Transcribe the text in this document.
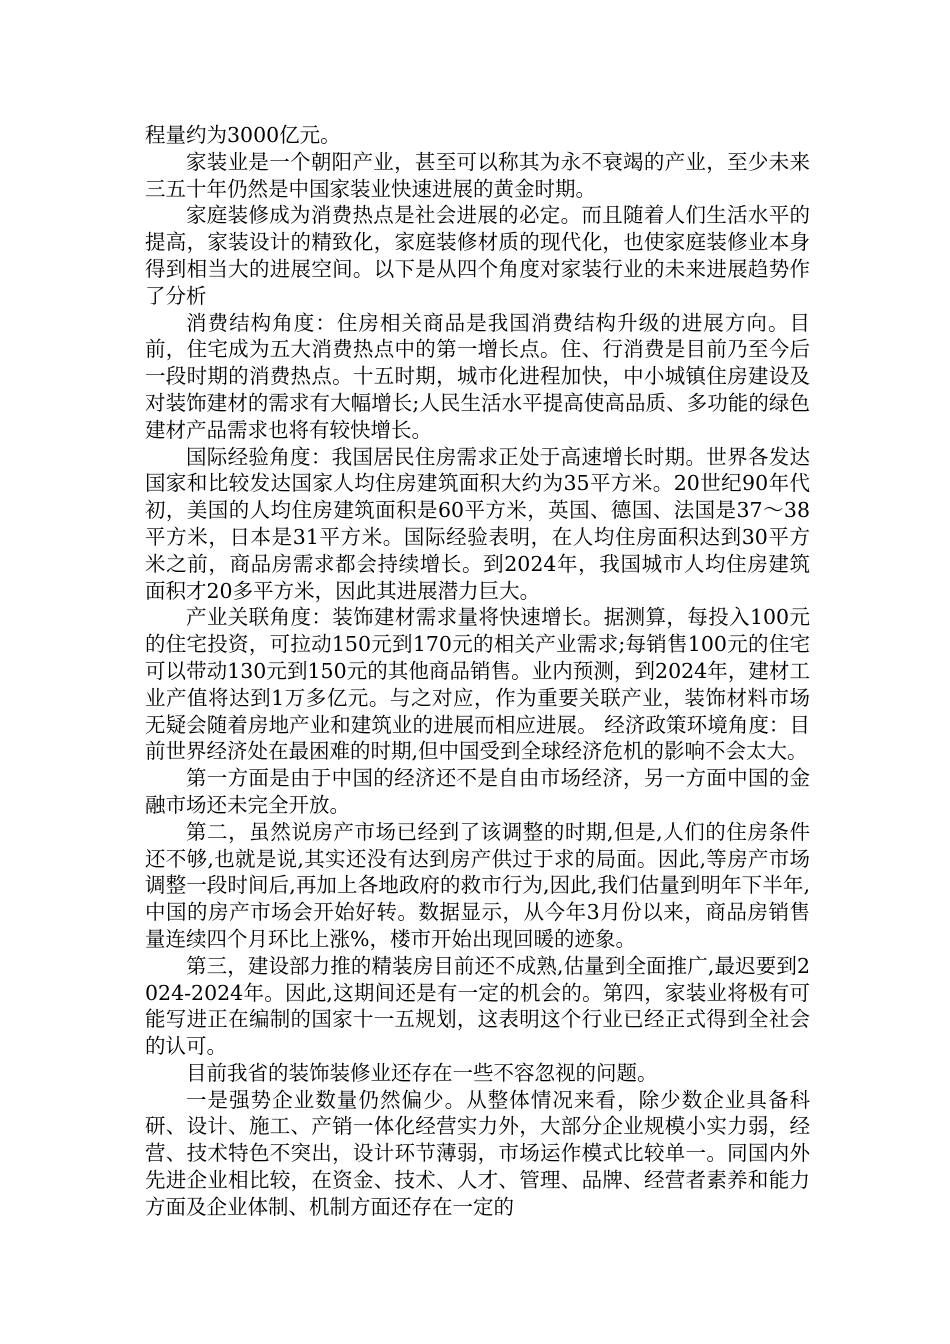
程量约为3000亿元。

家装业是一个朝阳产业，甚至可以称其为永不衰竭的产业，至少未来三五十年仍然是中国家装业快速进展的黄金时期。

家庭装修成为消费热点是社会进展的必定。而且随着人们生活水平的提高，家装设计的精致化，家庭装修材质的现代化，也使家庭装修业本身得到相当大的进展空间。以下是从四个角度对家装行业的未来进展趋势作了分析

消费结构角度：住房相关商品是我国消费结构升级的进展方向。目前，住宅成为五大消费热点中的第一增长点。住、行消费是目前乃至今后一段时期的消费热点。十五时期，城市化进程加快，中小城镇住房建设及对装饰建材的需求有大幅增长;人民生活水平提高使高品质、多功能的绿色建材产品需求也将有较快增长。

国际经验角度：我国居民住房需求正处于高速增长时期。世界各发达国家和比较发达国家人均住房建筑面积大约为35平方米。20世纪90年代初，美国的人均住房建筑面积是60平方米，英国、德国、法国是37～38平方米，日本是31平方米。国际经验表明，在人均住房面积达到30平方米之前，商品房需求都会持续增长。到2024年，我国城市人均住房建筑面积才20多平方米，因此其进展潜力巨大。

产业关联角度：装饰建材需求量将快速增长。据测算，每投入100元的住宅投资，可拉动150元到170元的相关产业需求;每销售100元的住宅可以带动130元到150元的其他商品销售。业内预测，到2024年，建材工业产值将达到1万多亿元。与之对应，作为重要关联产业，装饰材料市场无疑会随着房地产业和建筑业的进展而相应进展。 经济政策环境角度：目前世界经济处在最困难的时期,但中国受到全球经济危机的影响不会太大。

第一方面是由于中国的经济还不是自由市场经济，另一方面中国的金融市场还未完全开放。

第二，虽然说房产市场已经到了该调整的时期,但是,人们的住房条件还不够,也就是说,其实还没有达到房产供过于求的局面。因此,等房产市场调整一段时间后,再加上各地政府的救市行为,因此,我们估量到明年下半年,中国的房产市场会开始好转。数据显示，从今年3月份以来，商品房销售量连续四个月环比上涨%，楼市开始出现回暖的迹象。

第三，建设部力推的精装房目前还不成熟,估量到全面推广,最迟要到2024-2024年。因此,这期间还是有一定的机会的。第四，家装业将极有可能写进正在编制的国家十一五规划，这表明这个行业已经正式得到全社会的认可。

目前我省的装饰装修业还存在一些不容忽视的问题。

一是强势企业数量仍然偏少。从整体情况来看，除少数企业具备科研、设计、施工、产销一体化经营实力外，大部分企业规模小实力弱，经营、技术特色不突出，设计环节薄弱，市场运作模式比较单一。同国内外先进企业相比较，在资金、技术、人才、管理、品牌、经营者素养和能力方面及企业体制、机制方面还存在一定的
